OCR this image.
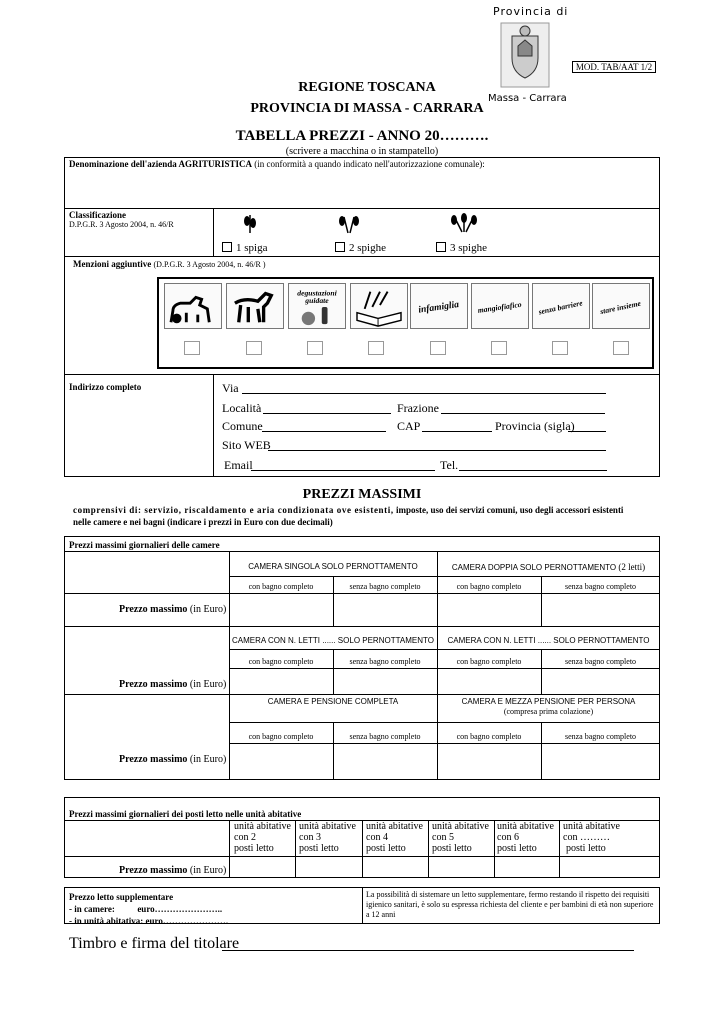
Provincia di
Massa - Carrara
MOD. TAB/AAT 1/2
REGIONE TOSCANA
PROVINCIA DI MASSA - CARRARA
TABELLA PREZZI - ANNO 20……….
(scrivere a macchina o in stampatello)
Denominazione dell'azienda AGRITURISTICA (in conformità a quando indicato nell'autorizzazione comunale):
Classificazione
D.P.G.R. 3 Agosto 2004, n. 46/R
1 spiga	2 spighe	3 spighe
Menzioni aggiuntive (D.P.G.R. 3 Agosto 2004, n. 46/R )
degustazioni
guidate	infamiglia mangiofiafico senza barriere stare insieme
Indirizzo completo	Via
Località	Frazione
Comune	CAP	Provincia (sigla)
Sito WEB
Email	Tel.
PREZZI MASSIMI
comprensivi di: servizio, riscaldamento e aria condizionata ove esistenti, imposte, uso dei servizi comuni, uso degli accessori esistenti
nelle camere e nei bagni (indicare i prezzi in Euro con due decimali)
Prezzi massimi giornalieri delle camere
CAMERA SINGOLA SOLO PERNOTTAMENTO	CAMERA DOPPIA SOLO PERNOTTAMENTO (2 letti)
con bagno completo	senza bagno completo	con bagno completo	senza bagno completo
Prezzo massimo (in Euro)
CAMERA CON N. LETTI ...... SOLO PERNOTTAMENTO	CAMERA CON N. LETTI ...... SOLO PERNOTTAMENTO
con bagno completo	senza bagno completo	con bagno completo	senza bagno completo
Prezzo massimo (in Euro)
CAMERA E PENSIONE COMPLETA	CAMERA E MEZZA PENSIONE PER PERSONA
(compresa prima colazione)
con bagno completo	senza bagno completo	con bagno completo	senza bagno completo
Prezzo massimo (in Euro)
Prezzi massimi giornalieri dei posti letto nelle unità abitative
unità abitative
con 2
posti letto
unità abitative
con 3
posti letto
unità abitative
con 4
posti letto
unità abitative
con 5
posti letto
unità abitative
con 6
posti letto
unità abitative
con ………
posti letto
Prezzo massimo (in Euro)
Prezzo letto supplementare
- in camere:          euro…………………..
- in unità abitativa: euro………………….
La possibilità di sistemare un letto supplementare, fermo restando il rispetto dei requisiti igienico sanitari, è solo su espressa richiesta del cliente e per bambini di età non superiore a 12 anni
Timbro e firma del titolare
